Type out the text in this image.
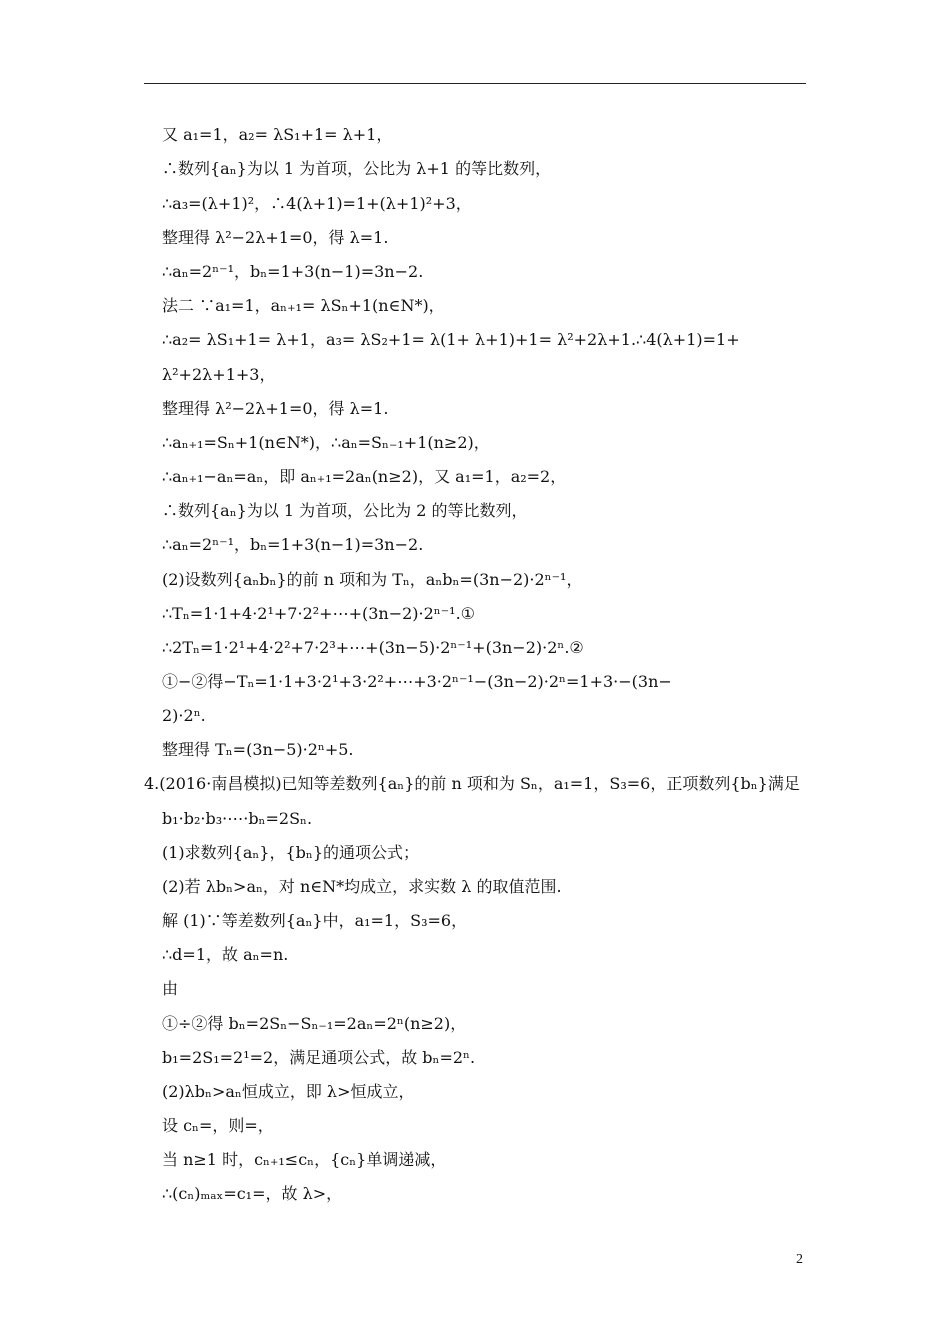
又 a₁=1，a₂= λS₁+1= λ+1，
∴数列{aₙ}为以 1 为首项，公比为 λ+1 的等比数列，
∴a₃=(λ+1)²，∴4(λ+1)=1+(λ+1)²+3，
整理得 λ²−2λ+1=0，得 λ=1.
∴aₙ=2ⁿ⁻¹，bₙ=1+3(n−1)=3n−2.
法二 ∵a₁=1，aₙ₊₁= λSₙ+1(n∈N*)，
∴a₂= λS₁+1= λ+1，a₃= λS₂+1= λ(1+ λ+1)+1= λ²+2λ+1.∴4(λ+1)=1+
λ²+2λ+1+3，
整理得 λ²−2λ+1=0，得 λ=1.
∴aₙ₊₁=Sₙ+1(n∈N*)，∴aₙ=Sₙ₋₁+1(n≥2)，
∴aₙ₊₁−aₙ=aₙ，即 aₙ₊₁=2aₙ(n≥2)，又 a₁=1，a₂=2，
∴数列{aₙ}为以 1 为首项，公比为 2 的等比数列，
∴aₙ=2ⁿ⁻¹，bₙ=1+3(n−1)=3n−2.
(2)设数列{aₙbₙ}的前 n 项和为 Tₙ，aₙbₙ=(3n−2)·2ⁿ⁻¹，
∴Tₙ=1·1+4·2¹+7·2²+⋯+(3n−2)·2ⁿ⁻¹.①
∴2Tₙ=1·2¹+4·2²+7·2³+⋯+(3n−5)·2ⁿ⁻¹+(3n−2)·2ⁿ.②
①−②得−Tₙ=1·1+3·2¹+3·2²+⋯+3·2ⁿ⁻¹−(3n−2)·2ⁿ=1+3·−(3n−
2)·2ⁿ.
整理得 Tₙ=(3n−5)·2ⁿ+5.
4.(2016·南昌模拟)已知等差数列{aₙ}的前 n 项和为 Sₙ，a₁=1，S₃=6，正项数列{bₙ}满足
b₁·b₂·b₃·⋯·bₙ=2Sₙ.
(1)求数列{aₙ}，{bₙ}的通项公式；
(2)若 λbₙ>aₙ，对 n∈N*均成立，求实数 λ 的取值范围.
解 (1)∵等差数列{aₙ}中，a₁=1，S₃=6，
∴d=1，故 aₙ=n.
由
①÷②得 bₙ=2Sₙ−Sₙ₋₁=2aₙ=2ⁿ(n≥2)，
b₁=2S₁=2¹=2，满足通项公式，故 bₙ=2ⁿ.
(2)λbₙ>aₙ恒成立，即 λ>恒成立，
设 cₙ=，则=，
当 n≥1 时，cₙ₊₁≤cₙ，{cₙ}单调递减，
∴(cₙ)ₘₐₓ=c₁=，故 λ>，
2
